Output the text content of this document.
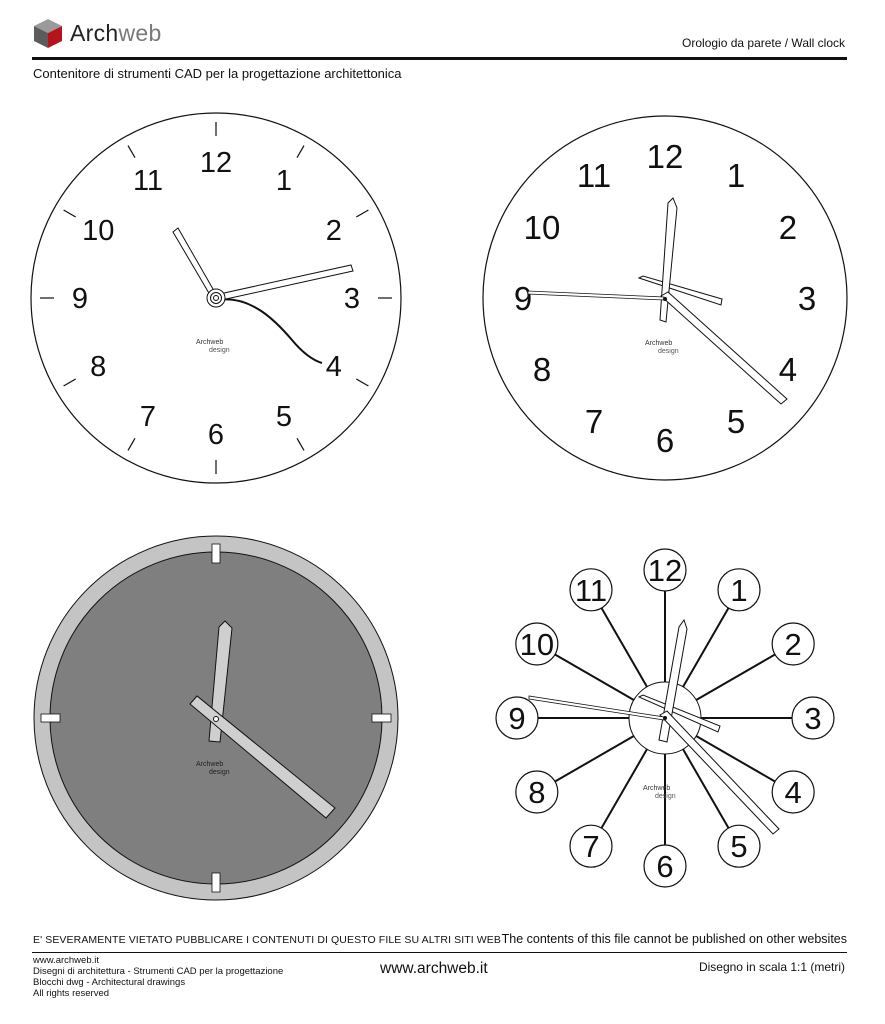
Archweb	Orologio da parete / Wall clock
Contenitore di strumenti CAD per la progettazione architettonica
12
1
2
3
4
5
6
7
8
9
10
11
Archweb
design
12
1
2
3
4
5
6
7
8
9
10
11
Archweb
design
Archweb
design
12
1
2
3
4
5
6
7
8
9
10
11
Archweb
design
E' SEVERAMENTE VIETATO PUBBLICARE I CONTENUTI DI QUESTO FILE SU ALTRI SITI WEB The contents of this file cannot be published on other websites
www.archweb.it
Disegni di architettura - Strumenti CAD per la progettazione
Blocchi dwg - Architectural drawings
All rights reserved
www.archweb.it	Disegno in scala 1:1 (metri)
